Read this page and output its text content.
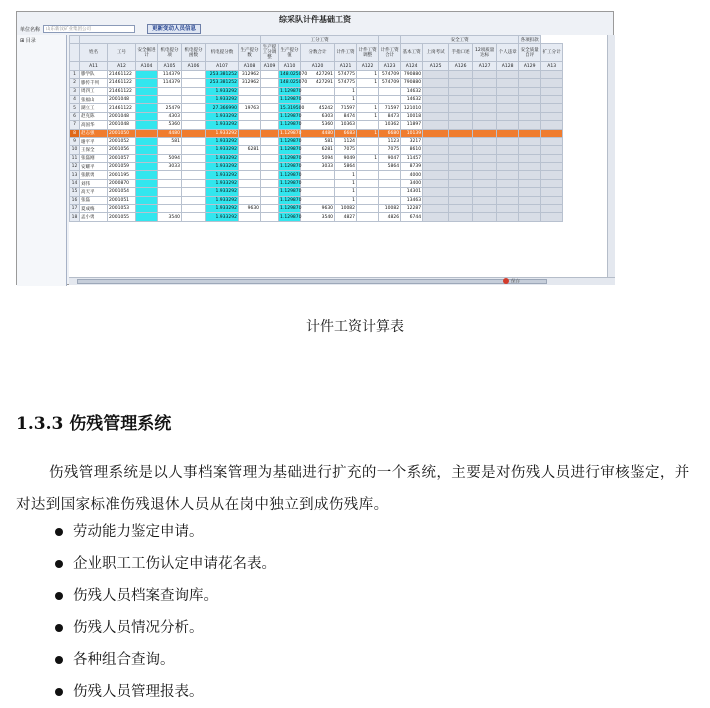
综采队计件基础工资
单位名称	山东新汶矿业集团公司	更新变动人员信息
⊞ 目录
								工分工资						安全工资					各项扣款	
	姓名	工号	安全掘进计	机电提分项	机电提分函数	机电提分数	生产提分数	生产提工分调整	生产提分值	分数合计	计件工资	计件工资调整	计件工资合计	基本工资	上岗考试	手指口述	12项质量达标	个人违章	安全质量自评	扩工分计
	A11	A12	A104	A105	A106	A107	A108	A109	A110	A120	A121	A122	A123	A124	A125	A126	A127	A128	A129	A13
1	滕学队	21461122		114379		253.381252	312962		148.025070	427291	574775	1	574709	790880						
2	滕传千列	21461122		114379		253.381252	312962		148.025070	427291	574775	1	574709	790880						
3	周四工	21461122				1.933292			1.129870		1			14632						
4	张福山	2001048				1.933292			1.129870		1			14632						
5	湖立工	21461122		25479		27.366990	19763		15.319500	45242	71597	1	71597	121010						
6	赵克陈	2001048		4303		1.933292			1.129870	6303	8474	1	8473	10018						
7	高国华	2001048		5360		1.933292			1.129870	5360	10363		10362	11897						
8	赵志强	2001050		4480		1.933292			1.129870	4480	6683	1	6680	10139						
9	谢平平	2001052		581		1.933292			1.129870	581	1124		1123	3217						
10	王保全	2001056				1.933292	6281		1.129870	6281	7075		7075	8610						
11	张磊刚	2001057		5094		1.933292			1.129870	5094	9049	1	9047	11457						
12	安耀平	2001059		3033		1.933292			1.129870	3033	5864		5864	8739						
13	张献勇	2001195				1.933292			1.129870		1			4000						
14	刘伟	2000870				1.933292			1.129870		1			3400						
15	高天平	2001054				1.933292			1.129870		1			14301						
16	张磊	2001051				1.933292			1.129870		1			13463						
17	夏成梅	2001053				1.933292	9630		1.129870	9630	10082		10082	12287						
18	孟小勇	2001055		3540		1.933292			1.129870	3540	4827		4826	6744						
保存
计件工资计算表
1.3.3 伤残管理系统

伤残管理系统是以人事档案管理为基础进行扩充的一个系统，主要是对伤残人员进行审核鉴定，并对达到国家标准伤残退休人员从在岗中独立到成伤残库。

劳动能力鉴定申请。
企业职工工伤认定申请花名表。
伤残人员档案查询库。
伤残人员情况分析。
各种组合查询。
伤残人员管理报表。
